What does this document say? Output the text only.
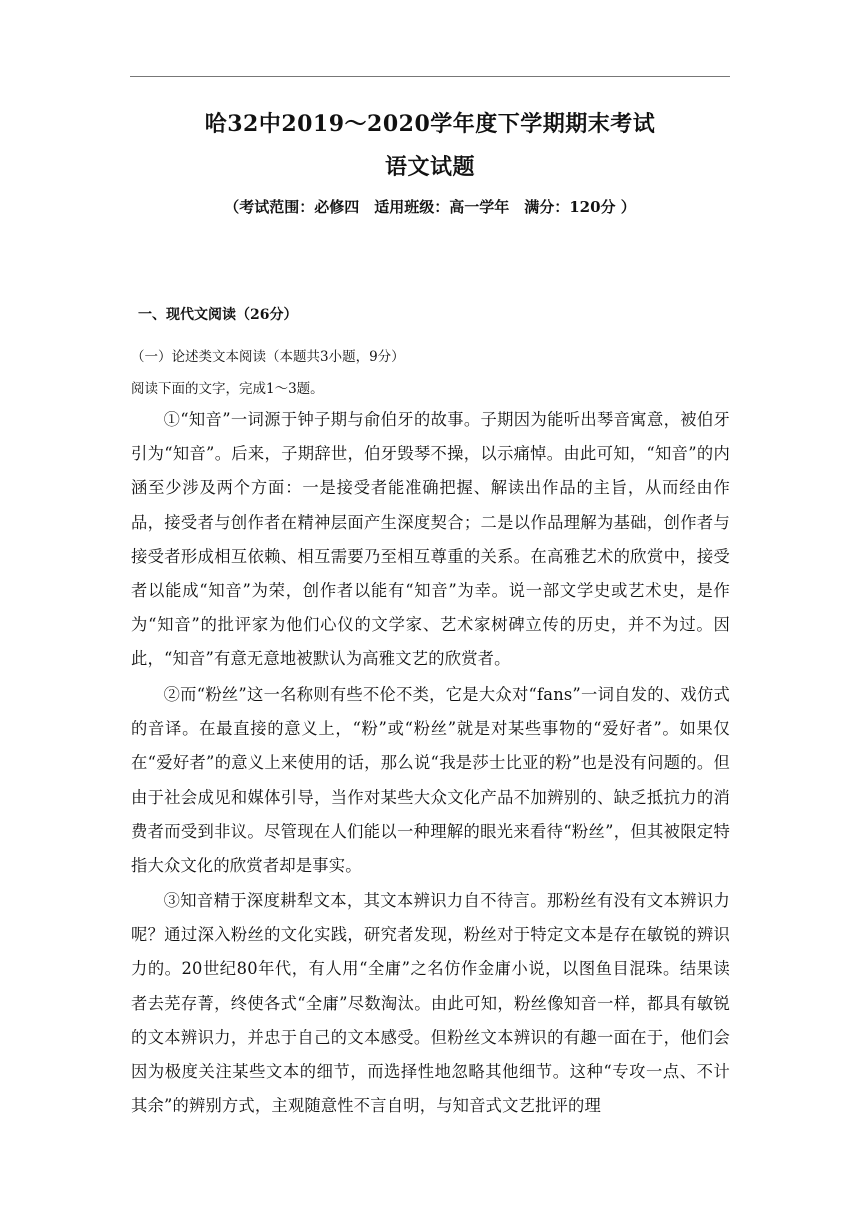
哈32中2019～2020学年度下学期期末考试
语文试题
（考试范围：必修四　适用班级：高一学年　满分：120分 ）
一、现代文阅读（26分）
（一）论述类文本阅读（本题共3小题，9分）
阅读下面的文字，完成1～3题。

①“知音”一词源于钟子期与俞伯牙的故事。子期因为能听出琴音寓意，被伯牙引为“知音”。后来，子期辞世，伯牙毁琴不操，以示痛悼。由此可知，“知音”的内涵至少涉及两个方面：一是接受者能准确把握、解读出作品的主旨，从而经由作品，接受者与创作者在精神层面产生深度契合；二是以作品理解为基础，创作者与接受者形成相互依赖、相互需要乃至相互尊重的关系。在高雅艺术的欣赏中，接受者以能成“知音”为荣，创作者以能有“知音”为幸。说一部文学史或艺术史，是作为“知音”的批评家为他们心仪的文学家、艺术家树碑立传的历史，并不为过。因此，“知音”有意无意地被默认为高雅文艺的欣赏者。

②而“粉丝”这一名称则有些不伦不类，它是大众对“fans”一词自发的、戏仿式的音译。在最直接的意义上，“粉”或“粉丝”就是对某些事物的“爱好者”。如果仅在“爱好者”的意义上来使用的话，那么说“我是莎士比亚的粉”也是没有问题的。但由于社会成见和媒体引导，当作对某些大众文化产品不加辨别的、缺乏抵抗力的消费者而受到非议。尽管现在人们能以一种理解的眼光来看待“粉丝”，但其被限定特指大众文化的欣赏者却是事实。

③知音精于深度耕犁文本，其文本辨识力自不待言。那粉丝有没有文本辨识力呢？通过深入粉丝的文化实践，研究者发现，粉丝对于特定文本是存在敏锐的辨识力的。20世纪80年代，有人用“全庸”之名仿作金庸小说，以图鱼目混珠。结果读者去芜存菁，终使各式“全庸”尽数淘汰。由此可知，粉丝像知音一样，都具有敏锐的文本辨识力，并忠于自己的文本感受。但粉丝文本辨识的有趣一面在于，他们会因为极度关注某些文本的细节，而选择性地忽略其他细节。这种“专攻一点、不计其余”的辨别方式，主观随意性不言自明，与知音式文艺批评的理
